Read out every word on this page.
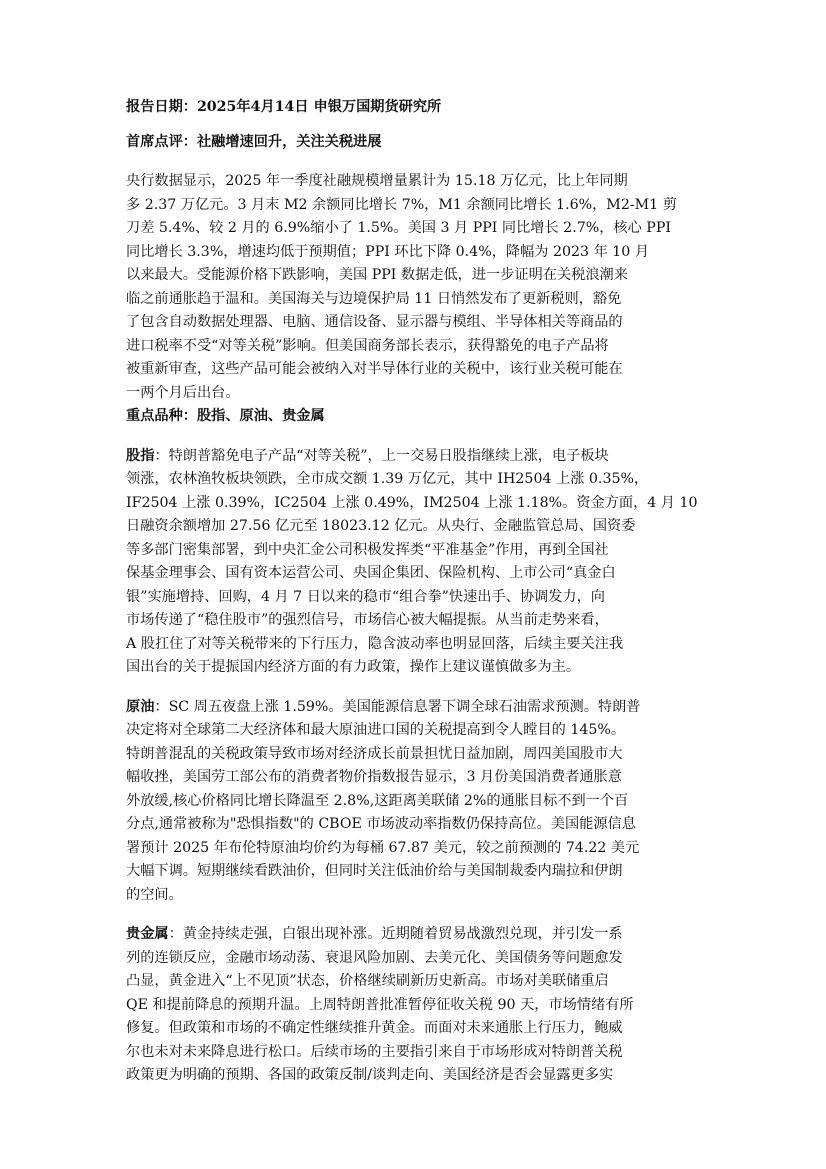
报告日期：2025年4月14日 申银万国期货研究所
首席点评：社融增速回升，关注关税进展
央行数据显示，2025 年一季度社融规模增量累计为 15.18 万亿元，比上年同期
多 2.37 万亿元。3 月末 M2 余额同比增长 7%，M1 余额同比增长 1.6%，M2-M1 剪
刀差 5.4%、较 2 月的 6.9%缩小了 1.5%。美国 3 月 PPI 同比增长 2.7%，核心 PPI
同比增长 3.3%，增速均低于预期值；PPI 环比下降 0.4%，降幅为 2023 年 10 月
以来最大。受能源价格下跌影响，美国 PPI 数据走低，进一步证明在关税浪潮来
临之前通胀趋于温和。美国海关与边境保护局 11 日悄然发布了更新税则，豁免
了包含自动数据处理器、电脑、通信设备、显示器与模组、半导体相关等商品的
进口税率不受“对等关税”影响。但美国商务部长表示，获得豁免的电子产品将
被重新审查，这些产品可能会被纳入对半导体行业的关税中，该行业关税可能在
一两个月后出台。
重点品种：股指、原油、贵金属
股指：特朗普豁免电子产品“对等关税”，上一交易日股指继续上涨，电子板块
领涨，农林渔牧板块领跌，全市成交额 1.39 万亿元，其中 IH2504 上涨 0.35%，
IF2504 上涨 0.39%，IC2504 上涨 0.49%，IM2504 上涨 1.18%。资金方面，4 月 10
日融资余额增加 27.56 亿元至 18023.12 亿元。从央行、金融监管总局、国资委
等多部门密集部署，到中央汇金公司积极发挥类“平准基金”作用，再到全国社
保基金理事会、国有资本运营公司、央国企集团、保险机构、上市公司“真金白
银”实施增持、回购，4 月 7 日以来的稳市“组合拳”快速出手、协调发力，向
市场传递了“稳住股市”的强烈信号，市场信心被大幅提振。从当前走势来看，
A 股扛住了对等关税带来的下行压力，隐含波动率也明显回落，后续主要关注我
国出台的关于提振国内经济方面的有力政策，操作上建议谨慎做多为主。
原油：SC 周五夜盘上涨 1.59%。美国能源信息署下调全球石油需求预测。特朗普
决定将对全球第二大经济体和最大原油进口国的关税提高到令人瞠目的 145%。
特朗普混乱的关税政策导致市场对经济成长前景担忧日益加剧，周四美国股市大
幅收挫，美国劳工部公布的消费者物价指数报告显示，3 月份美国消费者通胀意
外放缓,核心价格同比增长降温至 2.8%,这距离美联储 2%的通胀目标不到一个百
分点,通常被称为"恐惧指数"的 CBOE 市场波动率指数仍保持高位。美国能源信息
署预计 2025 年布伦特原油均价约为每桶 67.87 美元，较之前预测的 74.22 美元
大幅下调。短期继续看跌油价，但同时关注低油价给与美国制裁委内瑞拉和伊朗
的空间。
贵金属：黄金持续走强，白银出现补涨。近期随着贸易战激烈兑现，并引发一系
列的连锁反应，金融市场动荡、衰退风险加剧、去美元化、美国债务等问题愈发
凸显，黄金进入“上不见顶”状态，价格继续刷新历史新高。市场对美联储重启
QE 和提前降息的预期升温。上周特朗普批准暂停征收关税 90 天，市场情绪有所
修复。但政策和市场的不确定性继续推升黄金。而面对未来通胀上行压力，鲍威
尔也未对未来降息进行松口。后续市场的主要指引来自于市场形成对特朗普关税
政策更为明确的预期、各国的政策反制/谈判走向、美国经济是否会显露更多实
